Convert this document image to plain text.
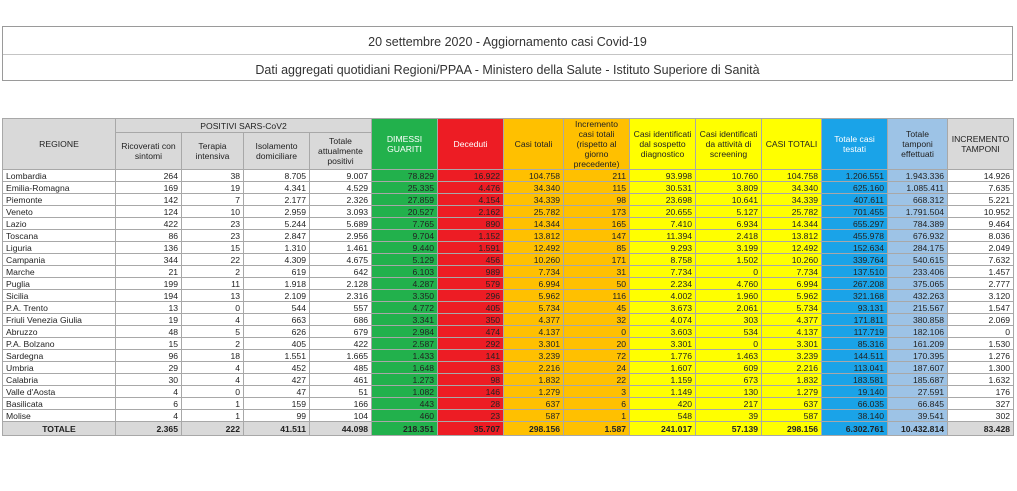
20 settembre 2020 - Aggiornamento casi Covid-19
Dati aggregati quotidiani Regioni/PPAA - Ministero della Salute - Istituto Superiore di Sanità
REGIONE	POSITIVI SARS-CoV2				DIMESSI GUARITI	Deceduti	Casi totali	Incremento casi totali (rispetto al giorno precedente)	Casi identificati dal sospetto diagnostico	Casi identificati da attività di screening	CASI TOTALI	Totale casi testati	Totale tamponi effettuati	INCREMENTO TAMPONI
	Ricoverati con sintomi	Terapia intensiva	Isolamento domiciliare	Totale attualmente positivi										
Lombardia	264	38	8.705	9.007	78.829	16.922	104.758	211	93.998	10.760	104.758	1.206.551	1.943.336	14.926
Emilia-Romagna	169	19	4.341	4.529	25.335	4.476	34.340	115	30.531	3.809	34.340	625.160	1.085.411	7.635
Piemonte	142	7	2.177	2.326	27.859	4.154	34.339	98	23.698	10.641	34.339	407.611	668.312	5.221
Veneto	124	10	2.959	3.093	20.527	2.162	25.782	173	20.655	5.127	25.782	701.455	1.791.504	10.952
Lazio	422	23	5.244	5.689	7.765	890	14.344	165	7.410	6.934	14.344	655.297	784.389	9.464
Toscana	86	23	2.847	2.956	9.704	1.152	13.812	147	11.394	2.418	13.812	455.978	676.932	8.036
Liguria	136	15	1.310	1.461	9.440	1.591	12.492	85	9.293	3.199	12.492	152.634	284.175	2.049
Campania	344	22	4.309	4.675	5.129	456	10.260	171	8.758	1.502	10.260	339.764	540.615	7.632
Marche	21	2	619	642	6.103	989	7.734	31	7.734	0	7.734	137.510	233.406	1.457
Puglia	199	11	1.918	2.128	4.287	579	6.994	50	2.234	4.760	6.994	267.208	375.065	2.777
Sicilia	194	13	2.109	2.316	3.350	296	5.962	116	4.002	1.960	5.962	321.168	432.263	3.120
P.A. Trento	13	0	544	557	4.772	405	5.734	45	3.673	2.061	5.734	93.131	215.567	1.547
Friuli Venezia Giulia	19	4	663	686	3.341	350	4.377	32	4.074	303	4.377	171.811	380.858	2.069
Abruzzo	48	5	626	679	2.984	474	4.137	0	3.603	534	4.137	117.719	182.106	0
P.A. Bolzano	15	2	405	422	2.587	292	3.301	20	3.301	0	3.301	85.316	161.209	1.530
Sardegna	96	18	1.551	1.665	1.433	141	3.239	72	1.776	1.463	3.239	144.511	170.395	1.276
Umbria	29	4	452	485	1.648	83	2.216	24	1.607	609	2.216	113.041	187.607	1.300
Calabria	30	4	427	461	1.273	98	1.832	22	1.159	673	1.832	183.581	185.687	1.632
Valle d'Aosta	4	0	47	51	1.082	146	1.279	3	1.149	130	1.279	19.140	27.591	176
Basilicata	6	1	159	166	443	28	637	6	420	217	637	66.035	66.845	327
Molise	4	1	99	104	460	23	587	1	548	39	587	38.140	39.541	302
TOTALE	2.365	222	41.511	44.098	218.351	35.707	298.156	1.587	241.017	57.139	298.156	6.302.761	10.432.814	83.428
